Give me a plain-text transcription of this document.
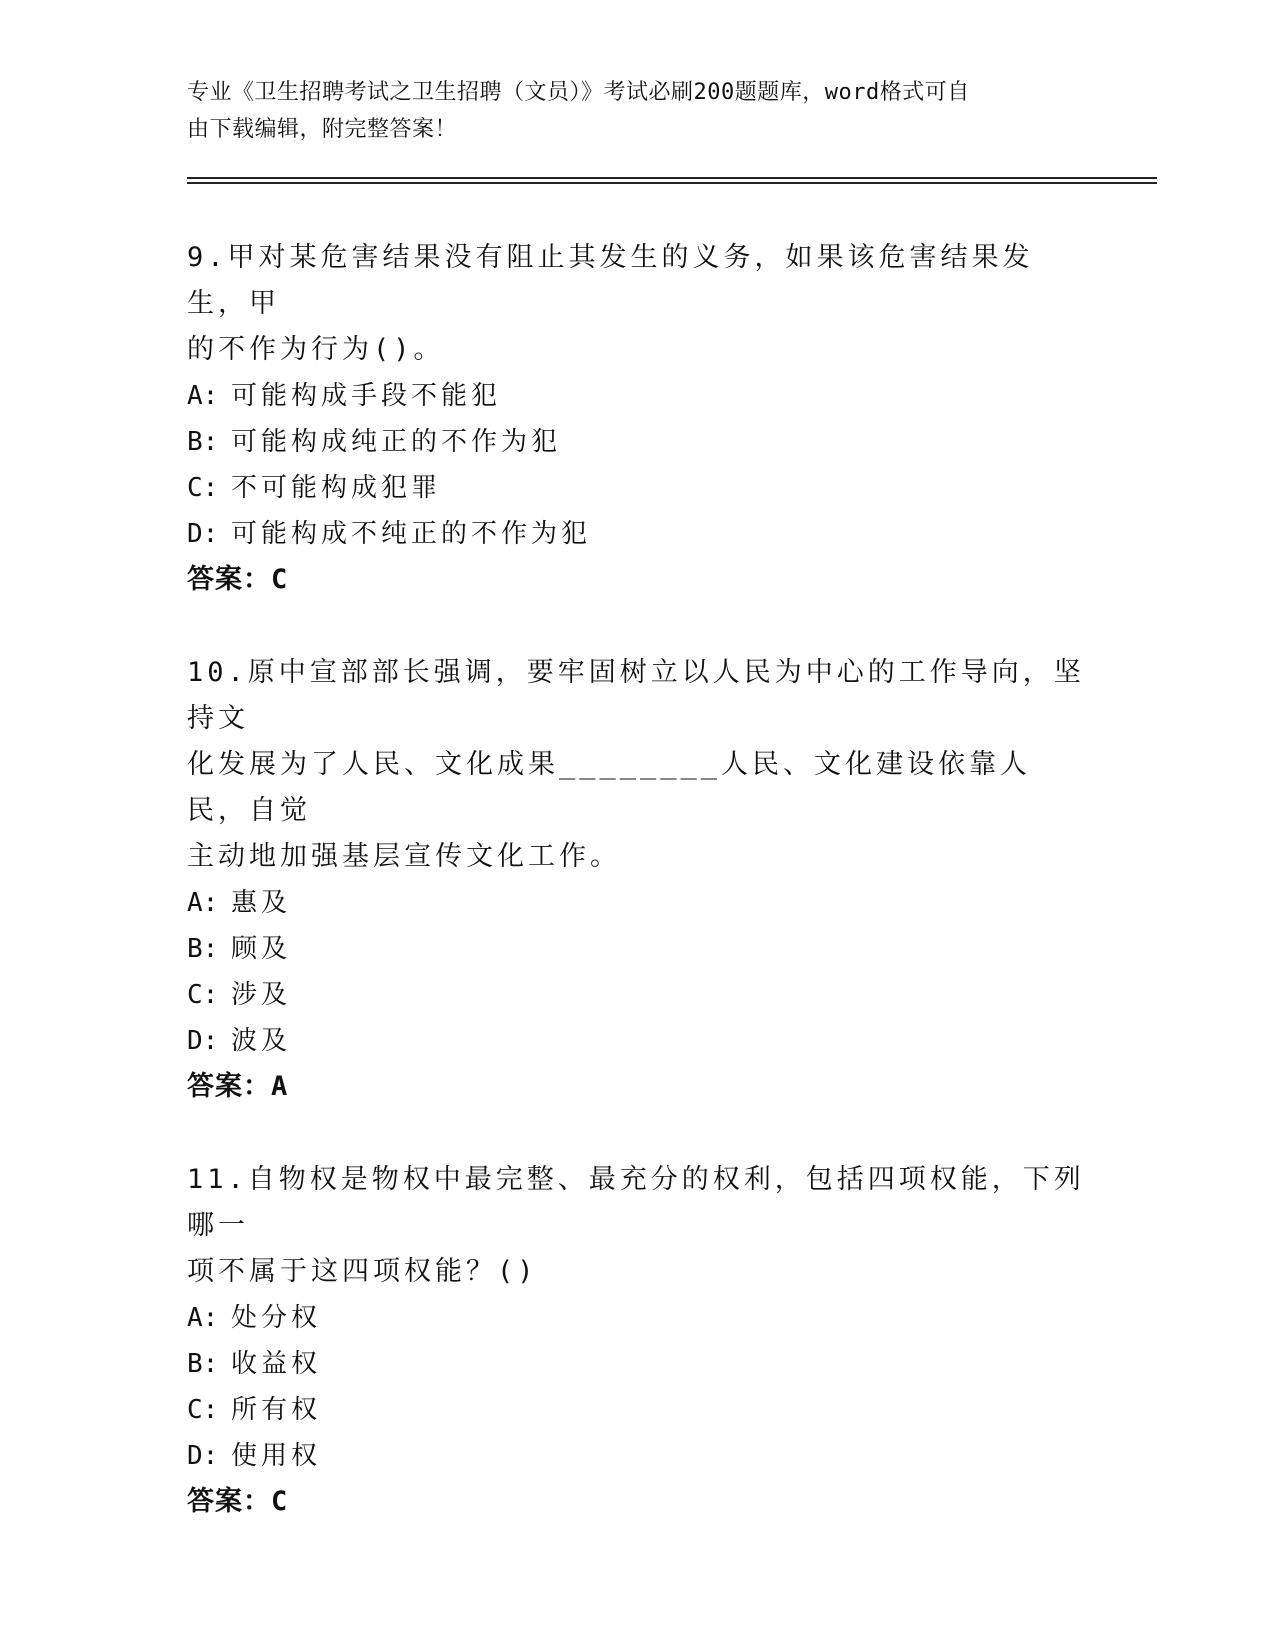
专业《卫生招聘考试之卫生招聘（文员）》考试必刷200题题库，word格式可自
由下载编辑，附完整答案！

9.甲对某危害结果没有阻止其发生的义务，如果该危害结果发生，甲

的不作为行为()。

A: 可能构成手段不能犯

B: 可能构成纯正的不作为犯

C: 不可能构成犯罪

D: 可能构成不纯正的不作为犯

答案：C

10.原中宣部部长强调，要牢固树立以人民为中心的工作导向，坚持文

化发展为了人民、文化成果________人民、文化建设依靠人民，自觉

主动地加强基层宣传文化工作。

A: 惠及

B: 顾及

C: 涉及

D: 波及

答案：A

11.自物权是物权中最完整、最充分的权利，包括四项权能，下列哪一

项不属于这四项权能？()

A: 处分权

B: 收益权

C: 所有权

D: 使用权

答案：C
